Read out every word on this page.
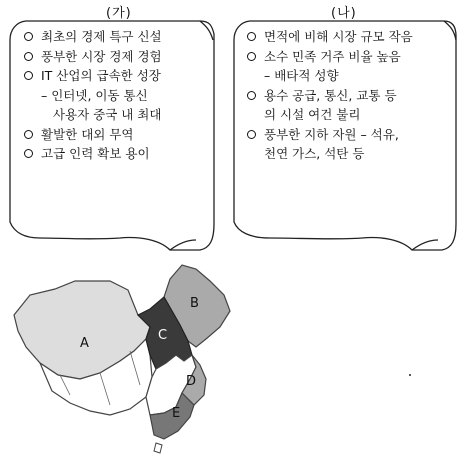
(가)	(나)
최초의 경제 특구 신설
풍부한 시장 경제 경험
IT 산업의 급속한 성장
– 인터넷, 이동 통신
사용자 중국 내 최대
활발한 대외 무역
고급 인력 확보 용이
면적에 비해 시장 규모 작음
소수 민족 거주 비율 높음
– 배타적 성향
용수 공급, 통신, 교통 등
의 시설 여건 불리
풍부한 지하 자원 – 석유,
천연 가스, 석탄 등
A
B
C
D
E
